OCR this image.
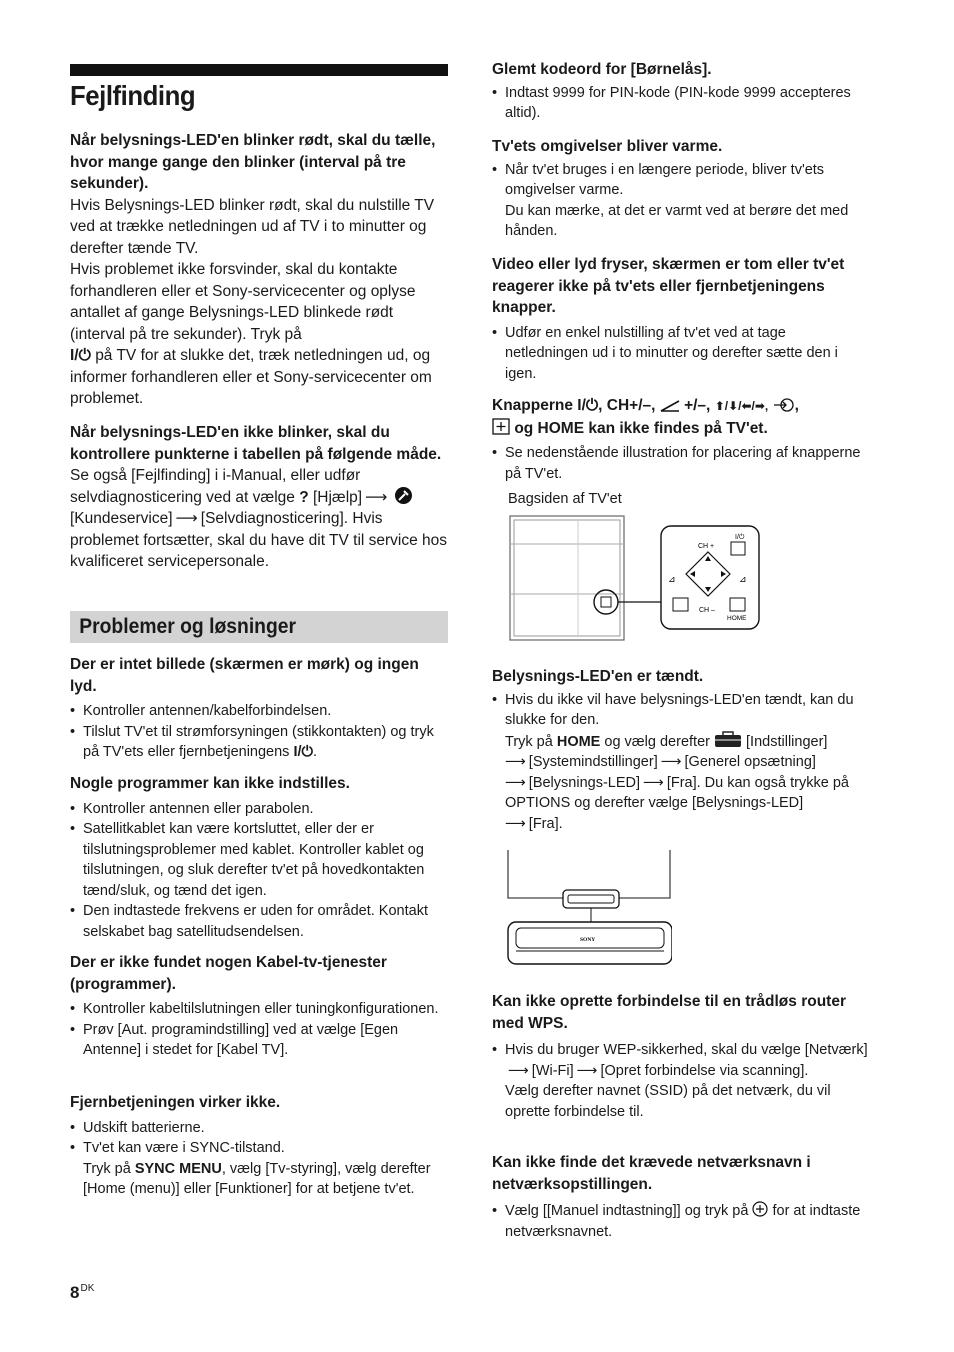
Fejlfinding

Når belysnings-LED'en blinker rødt, skal du tælle, hvor mange gange den blinker (interval på tre sekunder).

Hvis Belysnings-LED blinker rødt, skal du nulstille TV ved at trække netledningen ud af TV i to minutter og derefter tænde TV.

Hvis problemet ikke forsvinder, skal du kontakte forhandleren eller et Sony-servicecenter og oplyse antallet af gange Belysnings-LED blinkede rødt (interval på tre sekunder). Tryk på
I/⏻ på TV for at slukke det, træk netledningen ud, og informer forhandleren eller et Sony-servicecenter om problemet.

Når belysnings-LED'en ikke blinker, skal du kontrollere punkterne i tabellen på følgende måde.

Se også [Fejlfinding] i i-Manual, eller udfør selvdiagnosticering ved at vælge ? [Hjælp] ⟶  [Kundeservice] ⟶ [Selvdiagnosticering]. Hvis problemet fortsætter, skal du have dit TV til service hos kvalificeret servicepersonale.

Problemer og løsninger

Der er intet billede (skærmen er mørk) og ingen lyd.

• Kontroller antennen/kabelforbindelsen.
• Tilslut TV'et til strømforsyningen (stikkontakten) og tryk på TV'ets eller fjernbetjeningens I/⏻.

Nogle programmer kan ikke indstilles.

• Kontroller antennen eller parabolen.
• Satellitkablet kan være kortsluttet, eller der er tilslutningsproblemer med kablet. Kontroller kablet og tilslutningen, og sluk derefter tv'et på hovedkontakten tænd/sluk, og tænd det igen.
• Den indtastede frekvens er uden for området. Kontakt selskabet bag satellitudsendelsen.

Der er ikke fundet nogen Kabel-tv-tjenester (programmer).

• Kontroller kabeltilslutningen eller tuningkonfigurationen.
• Prøv [Aut. programindstilling] ved at vælge [Egen Antenne] i stedet for [Kabel TV].

Fjernbetjeningen virker ikke.

• Udskift batterierne.
• Tv'et kan være i SYNC-tilstand.
Tryk på SYNC MENU, vælg [Tv-styring], vælg derefter [Home (menu)] eller [Funktioner] for at betjene tv'et.

Glemt kodeord for [Børnelås].

• Indtast 9999 for PIN-kode (PIN-kode 9999 accepteres altid).

Tv'ets omgivelser bliver varme.

• Når tv'et bruges i en længere periode, bliver tv'ets omgivelser varme.
Du kan mærke, at det er varmt ved at berøre det med hånden.

Video eller lyd fryser, skærmen er tom eller tv'et reagerer ikke på tv'ets eller fjernbetjeningens knapper.

• Udfør en enkel nulstilling af tv'et ved at tage netledningen ud i to minutter og derefter sætte den i igen.

Knapperne I/⏻, CH+/–, +/–, ⬆/⬇/⬅/➡, ,
og HOME kan ikke findes på TV'et.

• Se nedenstående illustration for placering af knapperne på TV'et.
Bagsiden af TV'et
CH +
I/⏻
⊿	⊿
CH –
HOME

Belysnings-LED'en er tændt.

• Hvis du ikke vil have belysnings-LED'en tændt, kan du slukke for den.
Tryk på HOME og vælg derefter [Indstillinger]
⟶ [Systemindstillinger] ⟶ [Generel opsætning]
⟶ [Belysnings-LED] ⟶ [Fra]. Du kan også trykke på OPTIONS og derefter vælge [Belysnings-LED]
⟶ [Fra].
SONY

Kan ikke oprette forbindelse til en trådløs router med WPS.

• Hvis du bruger WEP-sikkerhed, skal du vælge [Netværk]⟶ [Wi-Fi] ⟶ [Opret forbindelse via scanning].
Vælg derefter navnet (SSID) på det netværk, du vil oprette forbindelse til.

Kan ikke finde det krævede netværksnavn i netværksopstillingen.

• Vælg [[Manuel indtastning]] og tryk på for at indtaste netværksnavnet.
$8^{DK}$
